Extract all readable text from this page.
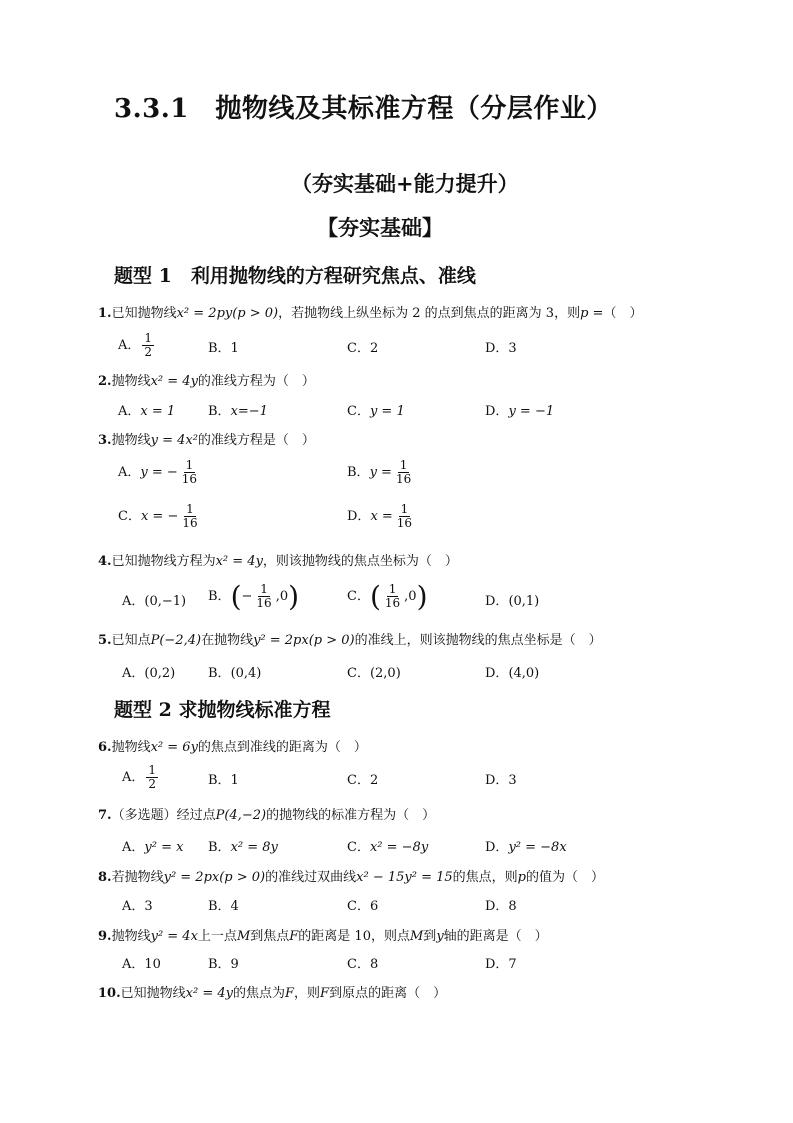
3.3.1　抛物线及其标准方程（分层作业）
（夯实基础+能力提升）
【夯实基础】
题型 1　利用抛物线的方程研究焦点、准线
1.已知抛物线x² = 2py(p > 0)，若抛物线上纵坐标为 2 的点到焦点的距离为 3，则p =（　）
A． $\frac{1}{2}$	B．1	C．2	D．3
2.抛物线x² = 4y的准线方程为（　）
A．x = 1	B．x=−1	C．y = 1	D．y = −1
3.抛物线y = 4x²的准线方程是（　）
A．y = − $\frac{1}{16}$	B．$y = \frac{1}{16}$
C．x = − $\frac{1}{16}$	D．$x = \frac{1}{16}$
4.已知抛物线方程为x² = 4y，则该抛物线的焦点坐标为（　）
A．(0,−1) B．(− $\frac{1}{16} ,0$)	C．( $\frac{1}{16} ,0$)	D．(0,1)
5.已知点P(−2,4)在抛物线y² = 2px(p > 0)的准线上，则该抛物线的焦点坐标是（　）
A．(0,2)	B．(0,4)	C．(2,0)	D．(4,0)
题型 2 求抛物线标准方程
6.抛物线x² = 6y的焦点到准线的距离为（　）
A． $\frac{1}{2}$	B．1	C．2	D．3
7.（多选题）经过点P(4,−2)的抛物线的标准方程为（　）
A．y² = x B．x² = 8y	C．x² = −8y	D．y² = −8x
8.若抛物线y² = 2px(p > 0)的准线过双曲线x² − 15y² = 15的焦点，则p的值为（　）
A．3	B．4	C．6	D．8
9.抛物线y² = 4x上一点M到焦点F的距离是 10，则点M到y轴的距离是（　）
A．10	B．9	C．8	D．7
10.已知抛物线x² = 4y的焦点为F，则F到原点的距离（　）
